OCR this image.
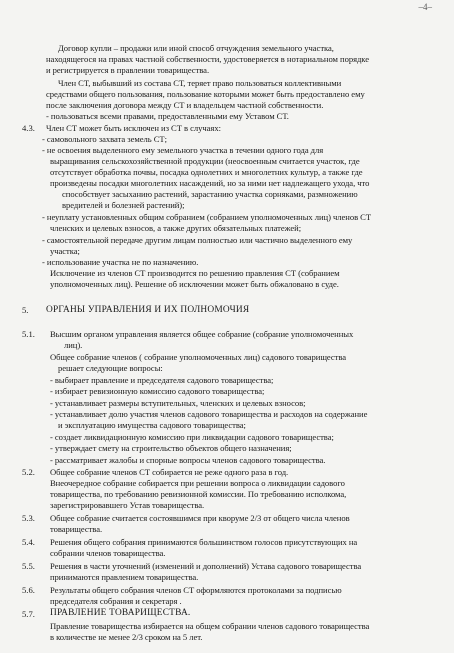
–4–
Договор купли – продажи или иной способ отчуждения земельного участка,
находящегося на правах частной собственности, удостоверяется в нотариальном порядке
и регистрируется в правлении товарищества.
Член СТ, выбывший из состава СТ, теряет право пользоваться коллективными
средствами общего пользования, пользование которыми может быть предоставлено ему
после заключения договора между СТ и владельцем частной собственности.
- пользоваться всеми правами, предоставленными ему Уставом СТ.
4.3. Член СТ может быть исключен из СТ в случаях:
- самовольного захвата земель СТ;
- не освоения выделенного ему земельного участка в течении одного года для
выращивания сельскохозяйственной продукции (неосвоенным считается участок, где
отсутствует обработка почвы, посадка однолетних и многолетних культур, а также где
произведены посадки многолетних насаждений, но за ними нет надлежащего ухода, что
способствует засыханию растений, зарастанию участка сорняками, размножению
вредителей и болезней растений);
- неуплату установленных общим собранием (собранием уполномоченных лиц) членов СТ
членских и целевых взносов, а также других обязательных платежей;
- самостоятельной передаче другим лицам полностью или частично выделенного ему
участка;
- использование участка не по назначению.
Исключение из членов СТ производится по решению правления СТ (собранием
уполномоченных лиц). Решение об исключении может быть обжаловано в суде.
5. ОРГАНЫ УПРАВЛЕНИЯ И ИХ ПОЛНОМОЧИЯ
5.1. Высшим органом управления является общее собрание (собрание уполномоченных
лиц).
Общее собрание членов ( собрание уполномоченных лиц) садового товарищества
решает следующие вопросы:
- выбирает правление и председателя садового товарищества;
- избирает ревизионную комиссию садового товарищества;
- устанавливает размеры вступительных, членских и целевых взносов;
- устанавливает долю участия членов садового товарищества и расходов на содержание
и эксплуатацию имущества садового товарищества;
- создает ликвидационную комиссию при ликвидации садового товарищества;
- утверждает смету на строительство объектов общего назначения;
- рассматривает жалобы и спорные вопросы членов садового товарищества.
5.2. Общее собрание членов СТ собирается не реже одного раза в год.
Внеочередное собрание собирается при решении вопроса о ликвидации садового
товарищества, по требованию ревизионной комиссии. По требованию исполкома,
зарегистрировавшего Устав товарищества.
5.3. Общее собрание считается состоявшимся при кворуме 2/3 от общего числа членов
товарищества.
5.4. Решения общего собрания принимаются большинством голосов присутствующих на
собрании членов товарищества.
5.5. Решения в части уточнений (изменений и дополнений) Устава садового товарищества
принимаются правлением товарищества.
5.6. Результаты общего собрания членов СТ оформляются протоколами за подписью
председателя собрания и секретаря .
5.7. ПРАВЛЕНИЕ ТОВАРИЩЕСТВА.
Правление товарищества избирается на общем собрании членов садового товарищества
в количестве не менее 2/3 сроком на 5 лет.
